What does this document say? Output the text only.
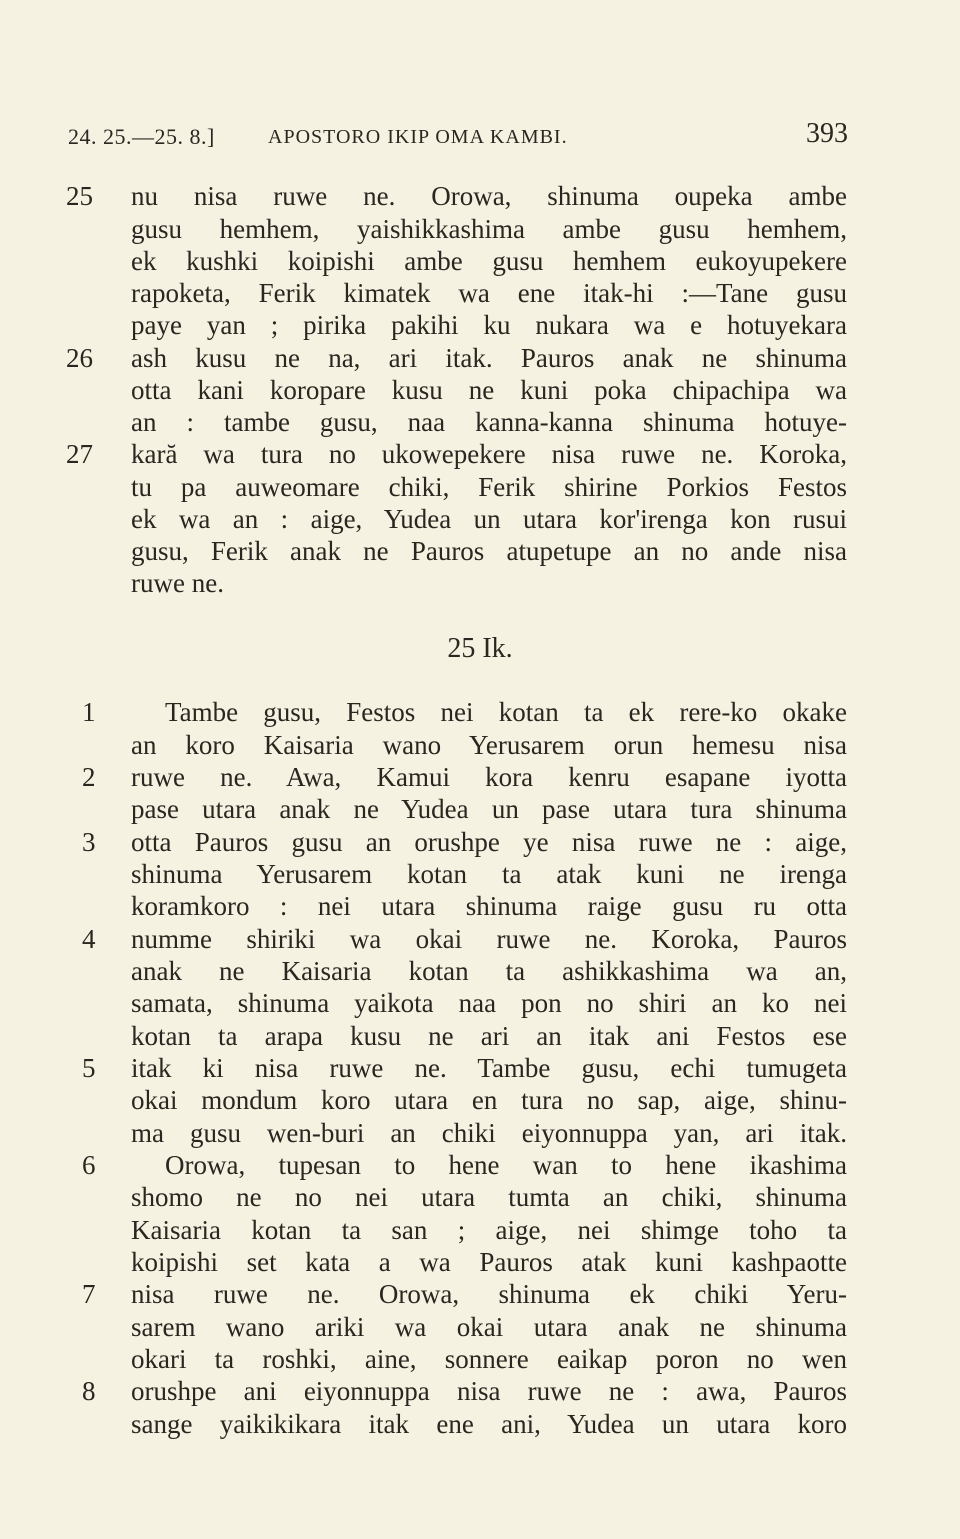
24. 25.—25. 8.]	APOSTORO IKIP OMA KAMBI.	393
25
26
27
nu nisa ruwe ne. Orowa, shinuma oupeka ambe
gusu hemhem, yaishikkashima ambe gusu hemhem,
ek kushki koipishi ambe gusu hemhem eukoyupekere
rapoketa, Ferik kimatek wa ene itak-hi :—Tane gusu
paye yan ; pirika pakihi ku nukara wa e hotuyekara
ash kusu ne na, ari itak. Pauros anak ne shinuma
otta kani koropare kusu ne kuni poka chipachipa wa
an : tambe gusu, naa kanna-kanna shinuma hotuye-
kară wa tura no ukowepekere nisa ruwe ne. Koroka,
tu pa auweomare chiki, Ferik shirine Porkios Festos
ek wa an : aige, Yudea un utara kor'irenga kon rusui
gusu, Ferik anak ne Pauros atupetupe an no ande nisa
ruwe ne.
25 Ik.
1
2
3
4
5
6
7
8
Tambe gusu, Festos nei kotan ta ek rere-ko okake
an koro Kaisaria wano Yerusarem orun hemesu nisa
ruwe ne. Awa, Kamui kora kenru esapane iyotta
pase utara anak ne Yudea un pase utara tura shinuma
otta Pauros gusu an orushpe ye nisa ruwe ne : aige,
shinuma Yerusarem kotan ta atak kuni ne irenga
koramkoro : nei utara shinuma raige gusu ru otta
numme shiriki wa okai ruwe ne. Koroka, Pauros
anak ne Kaisaria kotan ta ashikkashima wa an,
samata, shinuma yaikota naa pon no shiri an ko nei
kotan ta arapa kusu ne ari an itak ani Festos ese
itak ki nisa ruwe ne. Tambe gusu, echi tumugeta
okai mondum koro utara en tura no sap, aige, shinu-
ma gusu wen-buri an chiki eiyonnuppa yan, ari itak.
Orowa, tupesan to hene wan to hene ikashima
shomo ne no nei utara tumta an chiki, shinuma
Kaisaria kotan ta san ; aige, nei shimge toho ta
koipishi set kata a wa Pauros atak kuni kashpaotte
nisa ruwe ne. Orowa, shinuma ek chiki Yeru-
sarem wano ariki wa okai utara anak ne shinuma
okari ta roshki, aine, sonnere eaikap poron no wen
orushpe ani eiyonnuppa nisa ruwe ne : awa, Pauros
sange yaikikikara itak ene ani, Yudea un utara koro
